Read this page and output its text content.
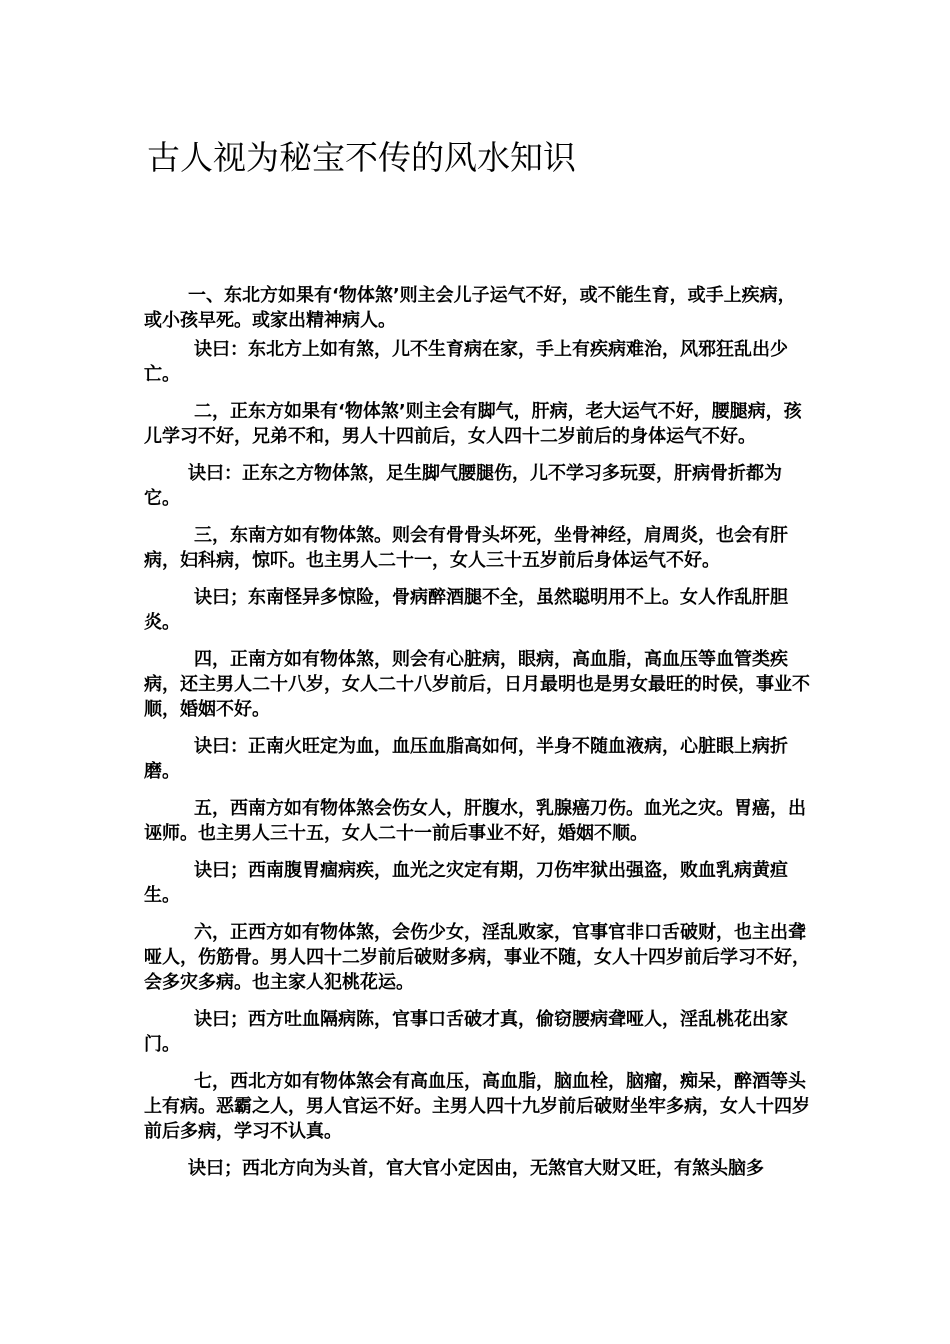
古人视为秘宝不传的风水知识

一、东北方如果有‘物体煞’则主会儿子运气不好，或不能生育，或手上疾病，或小孩早死。或家出精神病人。

诀曰：东北方上如有煞，儿不生育病在家，手上有疾病难治，风邪狂乱出少亡。

二，正东方如果有‘物体煞’则主会有脚气，肝病，老大运气不好，腰腿病，孩儿学习不好，兄弟不和，男人十四前后，女人四十二岁前后的身体运气不好。

诀曰：正东之方物体煞，足生脚气腰腿伤，儿不学习多玩耍，肝病骨折都为它。

三，东南方如有物体煞。则会有骨骨头坏死，坐骨神经，肩周炎，也会有肝病，妇科病，惊吓。也主男人二十一，女人三十五岁前后身体运气不好。

诀曰；东南怪异多惊险，骨病醉酒腿不全，虽然聪明用不上。女人作乱肝胆炎。

四，正南方如有物体煞，则会有心脏病，眼病，高血脂，高血压等血管类疾病，还主男人二十八岁，女人二十八岁前后，日月最明也是男女最旺的时侯，事业不顺，婚姻不好。

诀曰：正南火旺定为血，血压血脂高如何，半身不随血液病，心脏眼上病折磨。

五，西南方如有物体煞会伤女人，肝腹水，乳腺癌刀伤。血光之灾。胃癌，出诬师。也主男人三十五，女人二十一前后事业不好，婚姻不顺。

诀曰；西南腹胃痼病疾，血光之灾定有期，刀伤牢狱出强盗，败血乳病黄疸生。

六，正西方如有物体煞，会伤少女，淫乱败家，官事官非口舌破财，也主出聋哑人，伤筋骨。男人四十二岁前后破财多病，事业不随，女人十四岁前后学习不好，会多灾多病。也主家人犯桃花运。

诀曰；西方吐血隔病陈，官事口舌破才真，偷窃腰病聋哑人，淫乱桃花出家门。

七，西北方如有物体煞会有高血压，高血脂，脑血栓，脑瘤，痴呆，醉酒等头上有病。恶霸之人，男人官运不好。主男人四十九岁前后破财坐牢多病，女人十四岁前后多病，学习不认真。

诀曰；西北方向为头首，官大官小定因由，无煞官大财又旺，有煞头脑多
